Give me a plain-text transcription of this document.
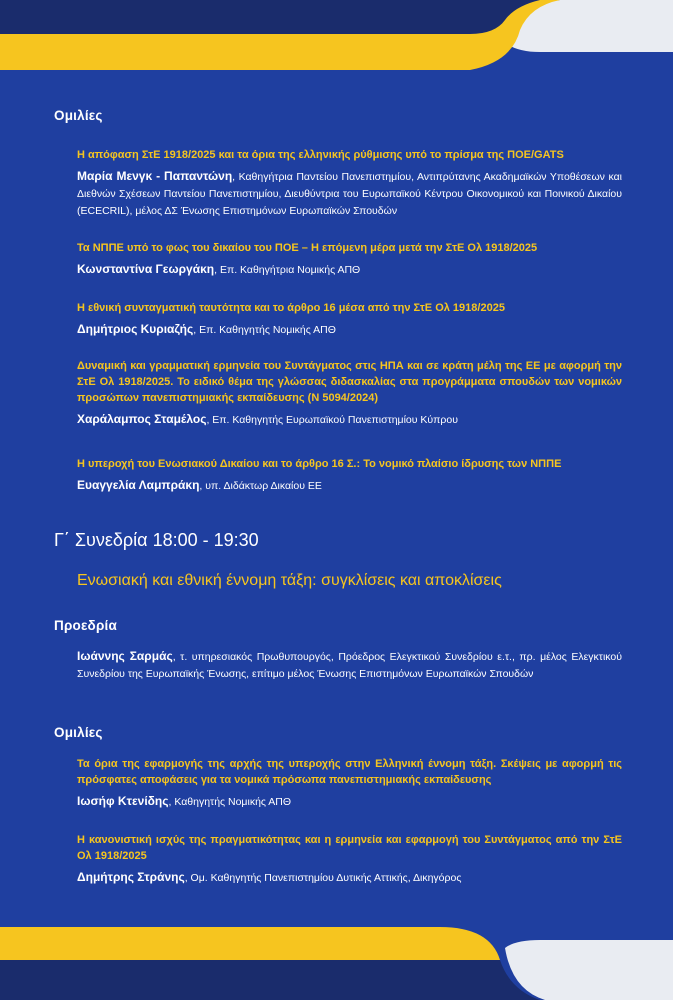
Ομιλίες

Η απόφαση ΣτΕ 1918/2025 και τα όρια της ελληνικής ρύθμισης υπό το πρίσμα της ΠΟΕ/GATS

Μαρία Μενγκ - Παπαντώνη, Καθηγήτρια Παντείου Πανεπιστημίου, Αντιπρύτανης Ακαδημαϊκών Υποθέσεων και Διεθνών Σχέσεων Παντείου Πανεπιστημίου, Διευθύντρια του Ευρωπαϊκού Κέντρου Οικονομικού και Ποινικού Δικαίου (ECECRIL), μέλος ΔΣ Ένωσης Επιστημόνων Ευρωπαϊκών Σπουδών

Τα ΝΠΠΕ υπό το φως του δικαίου του ΠΟΕ – Η επόμενη μέρα μετά την ΣτΕ Ολ 1918/2025

Κωνσταντίνα Γεωργάκη, Επ. Καθηγήτρια Νομικής ΑΠΘ

Η εθνική συνταγματική ταυτότητα και το άρθρο 16 μέσα από την ΣτΕ Ολ 1918/2025

Δημήτριος Κυριαζής, Επ. Καθηγητής Νομικής ΑΠΘ

Δυναμική και γραμματική ερμηνεία του Συντάγματος στις ΗΠΑ και σε κράτη μέλη της ΕΕ με αφορμή την ΣτΕ Ολ 1918/2025. Το ειδικό θέμα της γλώσσας διδασκαλίας στα προγράμματα σπουδών των νομικών προσώπων πανεπιστημιακής εκπαίδευσης (Ν 5094/2024)

Χαράλαμπος Σταμέλος, Επ. Καθηγητής Ευρωπαϊκού Πανεπιστημίου Κύπρου

Η υπεροχή του Ενωσιακού Δικαίου και το άρθρο 16 Σ.: Το νομικό πλαίσιο ίδρυσης των ΝΠΠΕ

Ευαγγελία Λαμπράκη, υπ. Διδάκτωρ Δικαίου ΕΕ

Γ΄ Συνεδρία 18:00 - 19:30
Ενωσιακή και εθνική έννομη τάξη: συγκλίσεις και αποκλίσεις
Προεδρία

Ιωάννης Σαρμάς, τ. υπηρεσιακός Πρωθυπουργός, Πρόεδρος Ελεγκτικού Συνεδρίου ε.τ., πρ. μέλος Ελεγκτικού Συνεδρίου της Ευρωπαϊκής Ένωσης, επίτιμο μέλος Ένωσης Επιστημόνων Ευρωπαϊκών Σπουδών

Ομιλίες

Τα όρια της εφαρμογής της αρχής της υπεροχής στην Ελληνική έννομη τάξη. Σκέψεις με αφορμή τις πρόσφατες αποφάσεις για τα νομικά πρόσωπα πανεπιστημιακής εκπαίδευσης

Ιωσήφ Κτενίδης, Καθηγητής Νομικής ΑΠΘ

Η κανονιστική ισχύς της πραγματικότητας και η ερμηνεία και εφαρμογή του Συντάγματος από την ΣτΕ Ολ 1918/2025

Δημήτρης Στράνης, Ομ. Καθηγητής Πανεπιστημίου Δυτικής Αττικής, Δικηγόρος
